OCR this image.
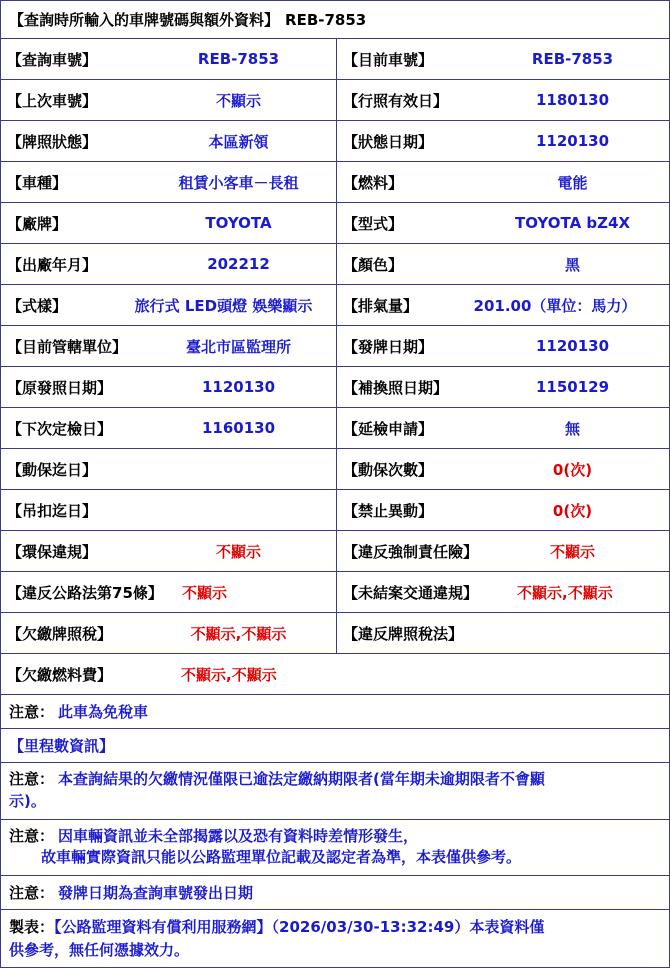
【查詢時所輸入的車牌號碼與額外資料】 REB-7853
【查詢車號】	REB-7853	【目前車號】	REB-7853
【上次車號】	不顯示	【行照有效日】	1180130
【牌照狀態】	本區新領	【狀態日期】	1120130
【車種】	租賃小客車－長租	【燃料】	電能
【廠牌】	TOYOTA	【型式】	TOYOTA bZ4X
【出廠年月】	202212	【顏色】	黑
【式樣】	旅行式 LED頭燈 娛樂顯示 【排氣量】	201.00（單位：馬力）
【目前管轄單位】	臺北市區監理所	【發牌日期】	1120130
【原發照日期】	1120130	【補換照日期】	1150129
【下次定檢日】	1160130	【延檢申請】	無
【動保迄日】	【動保次數】	0(次)
【吊扣迄日】	【禁止異動】	0(次)
【環保違規】	不顯示	【違反強制責任險】	不顯示
【違反公路法第75條】 不顯示	【未結案交通違規】	不顯示,不顯示
【欠繳牌照稅】	不顯示,不顯示	【違反牌照稅法】
【欠繳燃料費】	不顯示,不顯示
注意： 此車為免稅車
【里程數資訊】
注意： 本查詢結果的欠繳情況僅限已逾法定繳納期限者(當年期未逾期限者不會顯
示)。
注意： 因車輛資訊並未全部揭露以及恐有資料時差情形發生，
故車輛實際資訊只能以公路監理單位記載及認定者為準，本表僅供參考。
注意： 發牌日期為查詢車號發出日期
製表：【公路監理資料有償利用服務網】（2026/03/30-13:32:49）本表資料僅
供參考，無任何憑據效力。
